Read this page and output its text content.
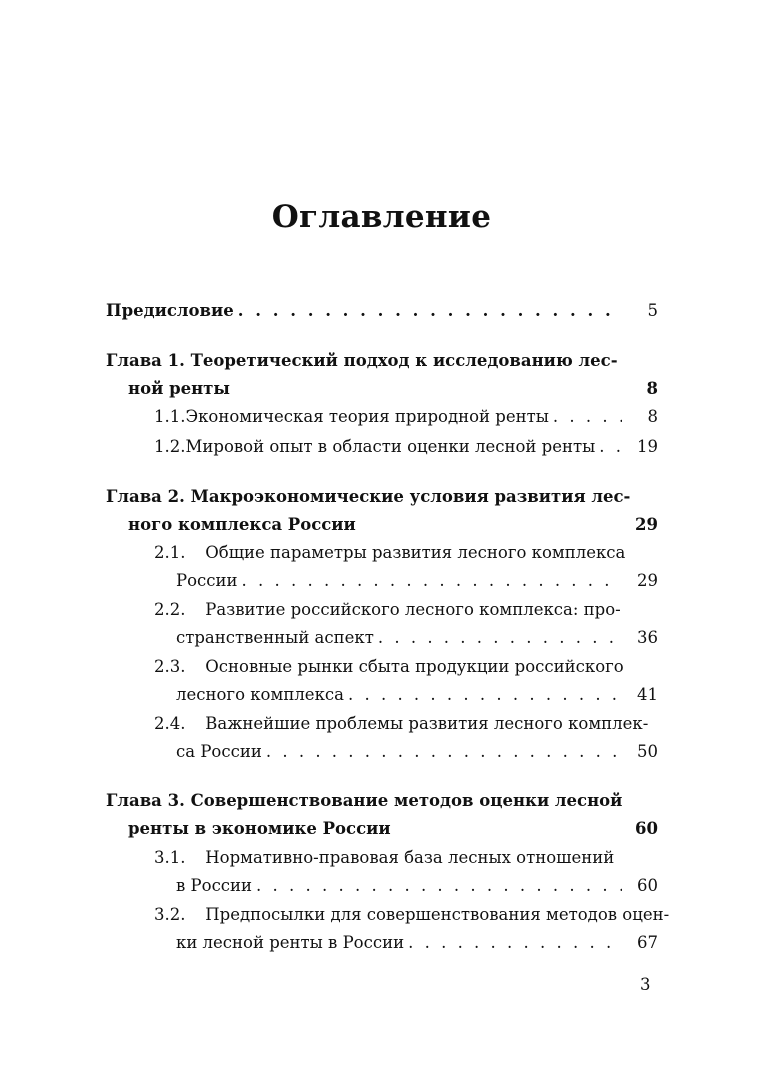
Оглавление
Предисловие . . .	5
Глава 1. Теоретический подход к исследованию лес-
ной ренты	8
1.1. Экономическая теория природной ренты . . .	8
1.2. Мировой опыт в области оценки лесной ренты . . .	19
Глава 2. Макроэкономические условия развития лес-
ного комплекса России	29
2.1. Общие параметры развития лесного комплекса
России . . .	29
2.2. Развитие российского лесного комплекса: про-
странственный аспект . . .	36
2.3. Основные рынки сбыта продукции российского
лесного комплекса . . .	41
2.4. Важнейшие проблемы развития лесного комплек-
са России . . .	50
Глава 3. Совершенствование методов оценки лесной
ренты в экономике России	60
3.1. Нормативно-правовая база лесных отношений
в России . . .	60
3.2. Предпосылки для совершенствования методов оцен-
ки лесной ренты в России . . .	67
3
